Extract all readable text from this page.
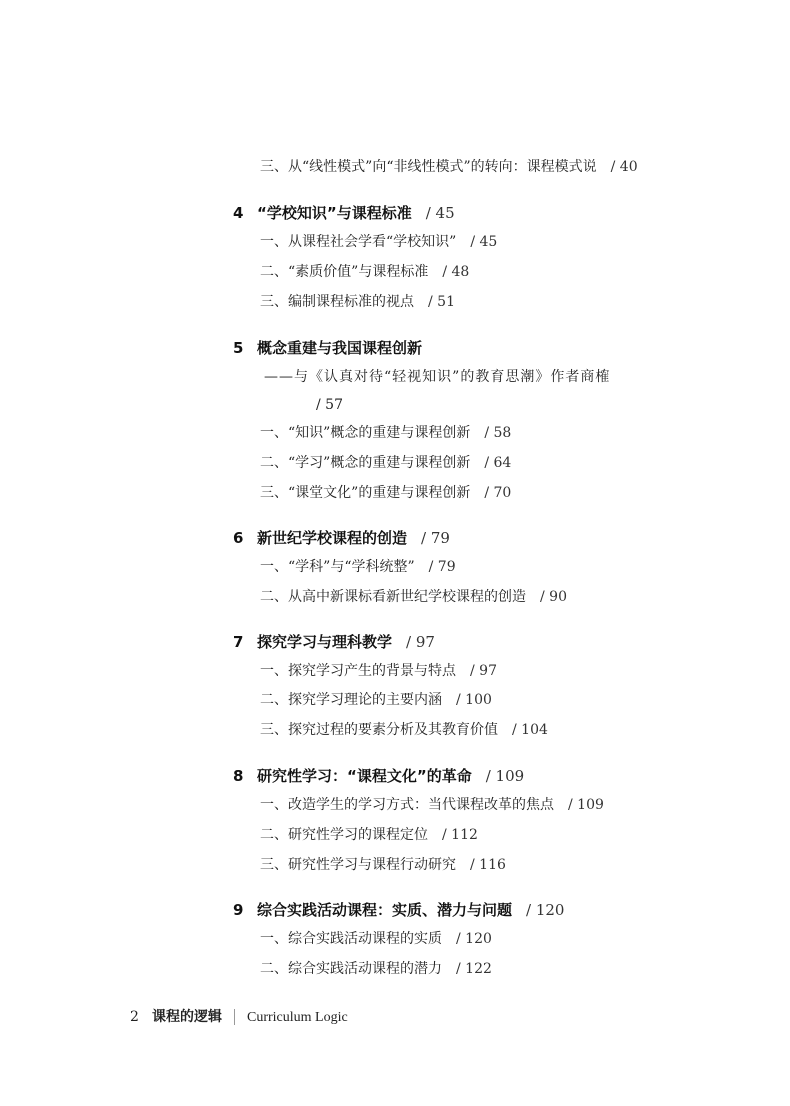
三、从“线性模式”向“非线性模式”的转向：课程模式说 / 40
4 “学校知识”与课程标准 / 45
一、从课程社会学看“学校知识” / 45
二、“素质价值”与课程标准 / 48
三、编制课程标准的视点 / 51
5 概念重建与我国课程创新
——与《认真对待“轻视知识”的教育思潮》作者商榷
/ 57
一、“知识”概念的重建与课程创新 / 58
二、“学习”概念的重建与课程创新 / 64
三、“课堂文化”的重建与课程创新 / 70
6 新世纪学校课程的创造 / 79
一、“学科”与“学科统整” / 79
二、从高中新课标看新世纪学校课程的创造 / 90
7 探究学习与理科教学 / 97
一、探究学习产生的背景与特点 / 97
二、探究学习理论的主要内涵 / 100
三、探究过程的要素分析及其教育价值 / 104
8 研究性学习：“课程文化”的革命 / 109
一、改造学生的学习方式：当代课程改革的焦点 / 109
二、研究性学习的课程定位 / 112
三、研究性学习与课程行动研究 / 116
9 综合实践活动课程：实质、潜力与问题 / 120
一、综合实践活动课程的实质 / 120
二、综合实践活动课程的潜力 / 122
2 课程的逻辑 Curriculum Logic
